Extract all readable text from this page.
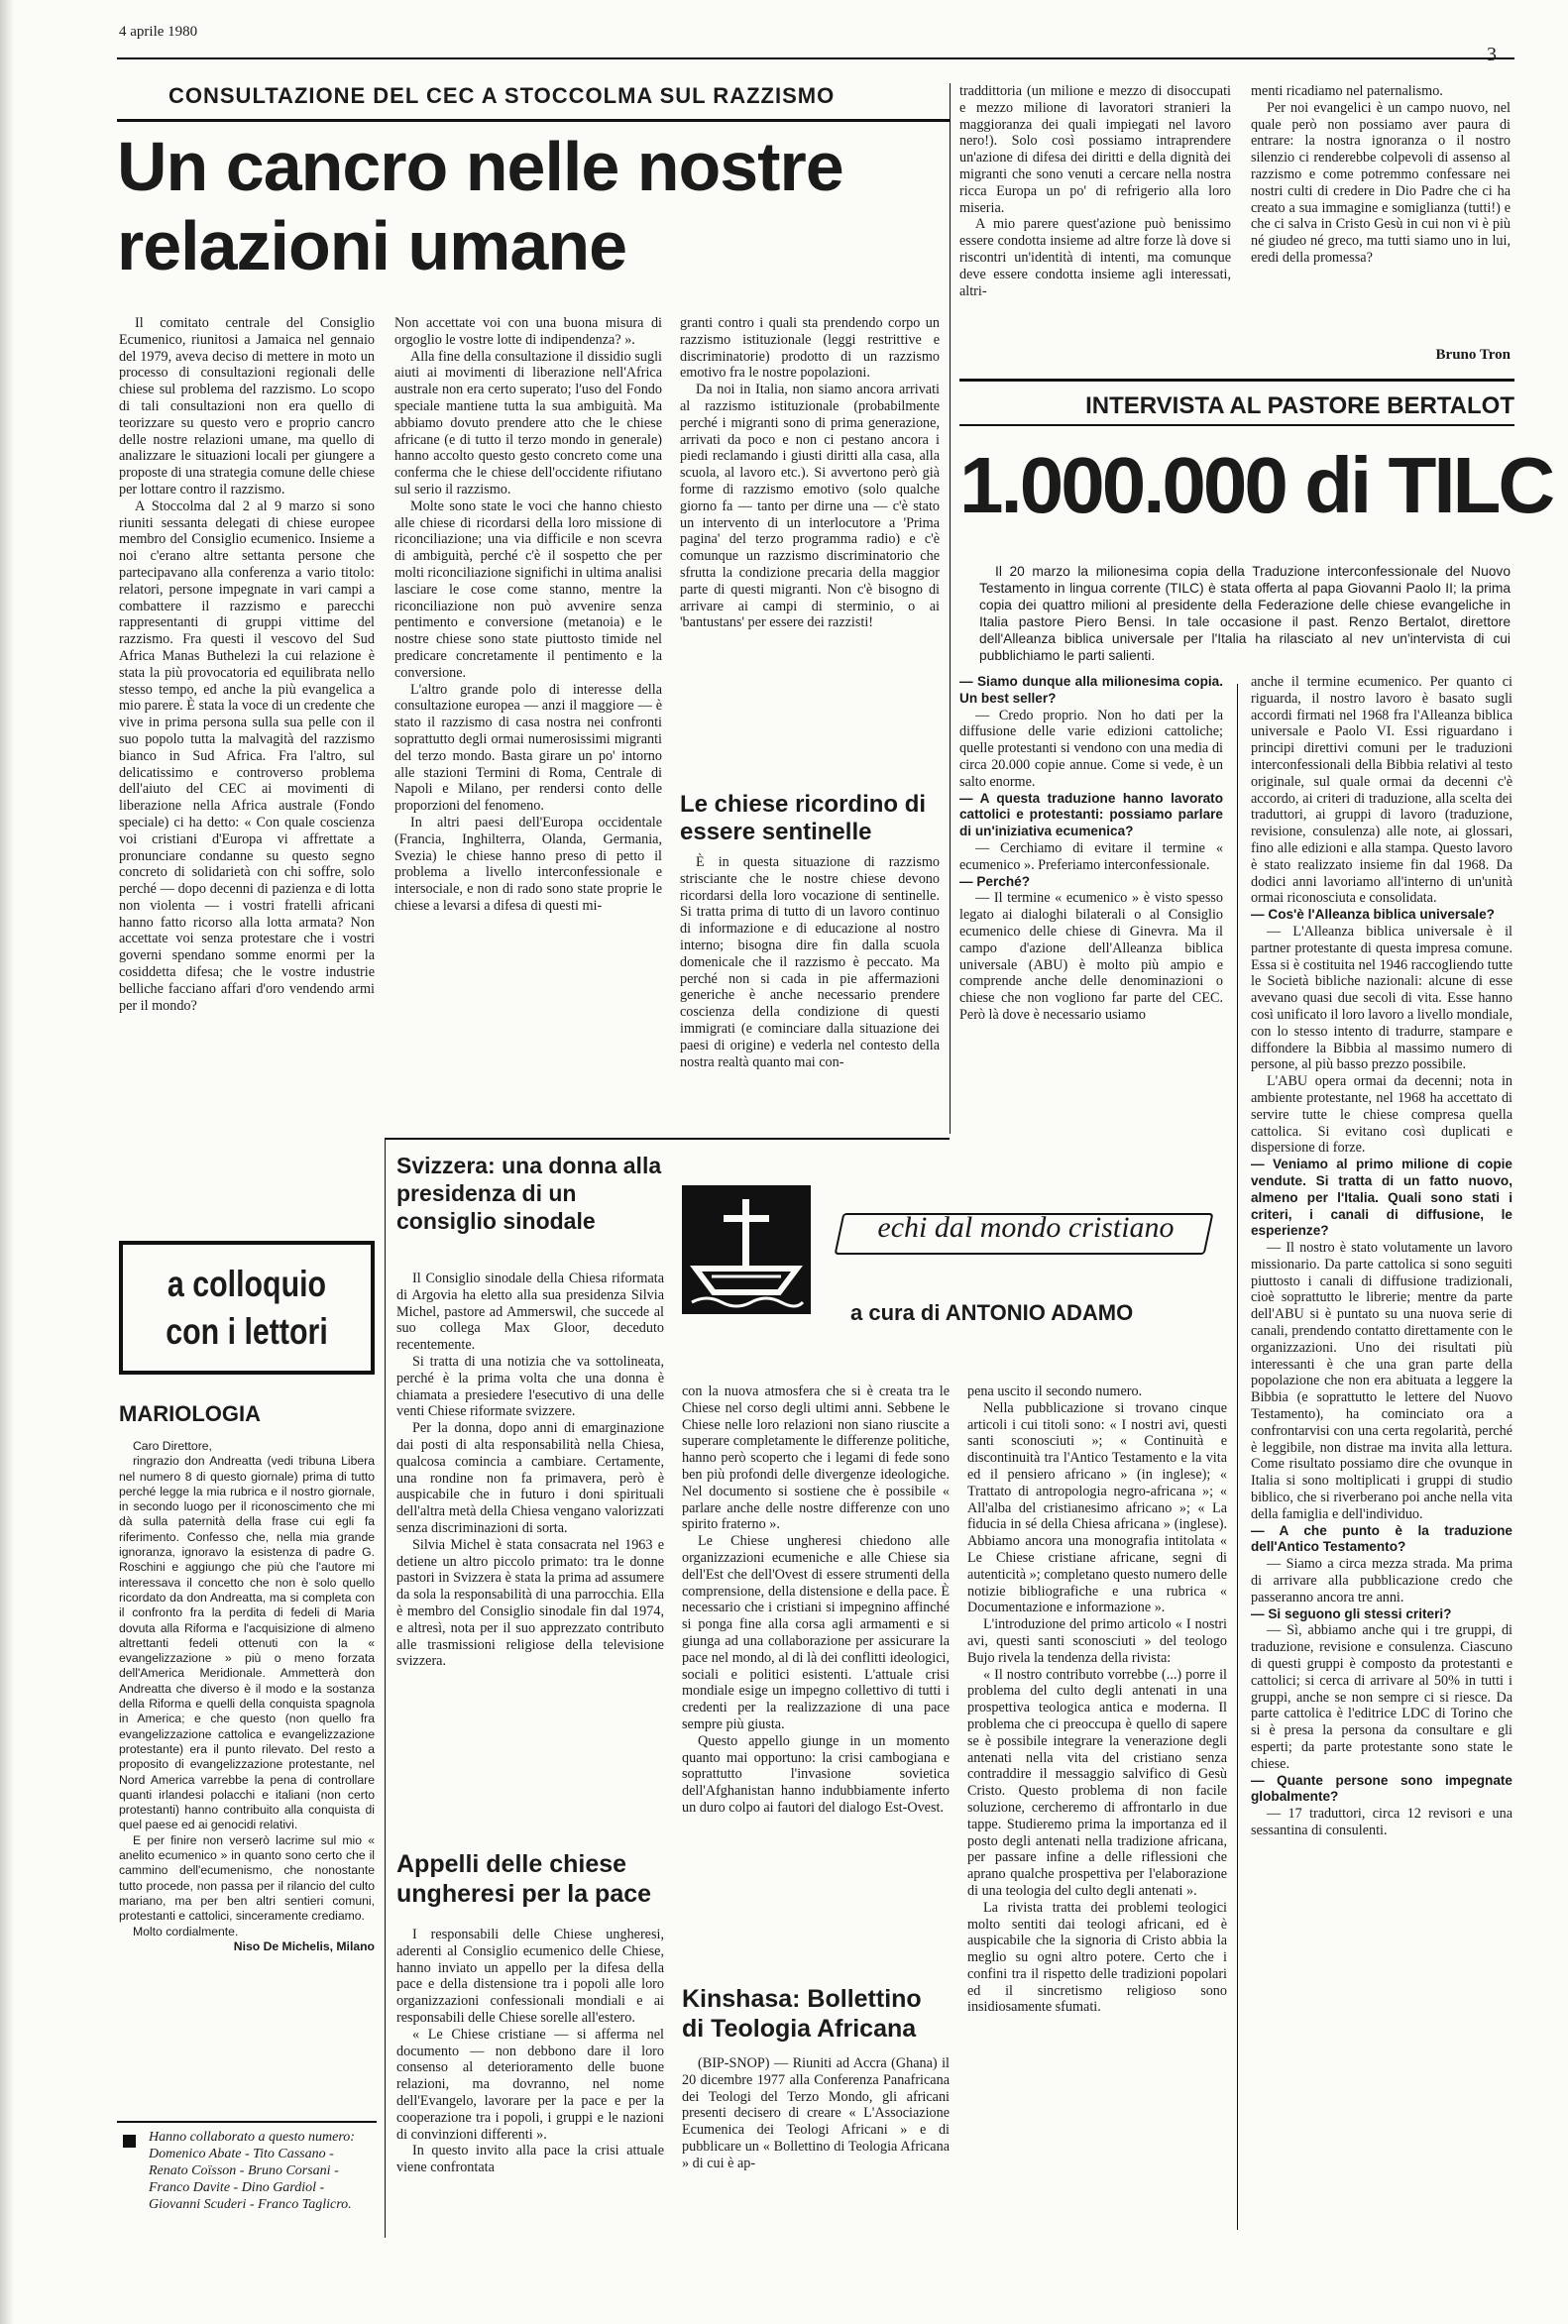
4 aprile 1980
3
CONSULTAZIONE DEL CEC A STOCCOLMA SUL RAZZISMO
Un cancro nelle nostre relazioni umane

Il comitato centrale del Consiglio Ecumenico, riunitosi a Jamaica nel gennaio del 1979, aveva deciso di mettere in moto un processo di consultazioni regionali delle chiese sul problema del razzismo. Lo scopo di tali consultazioni non era quello di teorizzare su questo vero e proprio cancro delle nostre relazioni umane, ma quello di analizzare le situazioni locali per giungere a proposte di una strategia comune delle chiese per lottare contro il razzismo.

A Stoccolma dal 2 al 9 marzo si sono riuniti sessanta delegati di chiese europee membro del Consiglio ecumenico. Insieme a noi c'erano altre settanta persone che partecipavano alla conferenza a vario titolo: relatori, persone impegnate in vari campi a combattere il razzismo e parecchi rappresentanti di gruppi vittime del razzismo. Fra questi il vescovo del Sud Africa Manas Buthelezi la cui relazione è stata la più provocatoria ed equilibrata nello stesso tempo, ed anche la più evangelica a mio parere. È stata la voce di un credente che vive in prima persona sulla sua pelle con il suo popolo tutta la malvagità del razzismo bianco in Sud Africa. Fra l'altro, sul delicatissimo e controverso problema dell'aiuto del CEC ai movimenti di liberazione nella Africa australe (Fondo speciale) ci ha detto: « Con quale coscienza voi cristiani d'Europa vi affrettate a pronunciare condanne su questo segno concreto di solidarietà con chi soffre, solo perché — dopo decenni di pazienza e di lotta non violenta — i vostri fratelli africani hanno fatto ricorso alla lotta armata? Non accettate voi senza protestare che i vostri governi spendano somme enormi per la cosiddetta difesa; che le vostre industrie belliche facciano affari d'oro vendendo armi per il mondo?

Non accettate voi con una buona misura di orgoglio le vostre lotte di indipendenza? ».

Alla fine della consultazione il dissidio sugli aiuti ai movimenti di liberazione nell'Africa australe non era certo superato; l'uso del Fondo speciale mantiene tutta la sua ambiguità. Ma abbiamo dovuto prendere atto che le chiese africane (e di tutto il terzo mondo in generale) hanno accolto questo gesto concreto come una conferma che le chiese dell'occidente rifiutano sul serio il razzismo.

Molte sono state le voci che hanno chiesto alle chiese di ricordarsi della loro missione di riconciliazione; una via difficile e non scevra di ambiguità, perché c'è il sospetto che per molti riconciliazione significhi in ultima analisi lasciare le cose come stanno, mentre la riconciliazione non può avvenire senza pentimento e conversione (metanoia) e le nostre chiese sono state piuttosto timide nel predicare concretamente il pentimento e la conversione.

L'altro grande polo di interesse della consultazione europea — anzi il maggiore — è stato il razzismo di casa nostra nei confronti soprattutto degli ormai numerosissimi migranti del terzo mondo. Basta girare un po' intorno alle stazioni Termini di Roma, Centrale di Napoli e Milano, per rendersi conto delle proporzioni del fenomeno.

In altri paesi dell'Europa occidentale (Francia, Inghilterra, Olanda, Germania, Svezia) le chiese hanno preso di petto il problema a livello interconfessionale e intersociale, e non di rado sono state proprie le chiese a levarsi a difesa di questi mi-

granti contro i quali sta prendendo corpo un razzismo istituzionale (leggi restrittive e discriminatorie) prodotto di un razzismo emotivo fra le nostre popolazioni.

Da noi in Italia, non siamo ancora arrivati al razzismo istituzionale (probabilmente perché i migranti sono di prima generazione, arrivati da poco e non ci pestano ancora i piedi reclamando i giusti diritti alla casa, alla scuola, al lavoro etc.). Si avvertono però già forme di razzismo emotivo (solo qualche giorno fa — tanto per dirne una — c'è stato un intervento di un interlocutore a 'Prima pagina' del terzo programma radio) e c'è comunque un razzismo discriminatorio che sfrutta la condizione precaria della maggior parte di questi migranti. Non c'è bisogno di arrivare ai campi di sterminio, o ai 'bantustans' per essere dei razzisti!

Le chiese ricordino di essere sentinelle

È in questa situazione di razzismo strisciante che le nostre chiese devono ricordarsi della loro vocazione di sentinelle. Si tratta prima di tutto di un lavoro continuo di informazione e di educazione al nostro interno; bisogna dire fin dalla scuola domenicale che il razzismo è peccato. Ma perché non si cada in pie affermazioni generiche è anche necessario prendere coscienza della condizione di questi immigrati (e cominciare dalla situazione dei paesi di origine) e vederla nel contesto della nostra realtà quanto mai con-

traddittoria (un milione e mezzo di disoccupati e mezzo milione di lavoratori stranieri la maggioranza dei quali impiegati nel lavoro nero!). Solo così possiamo intraprendere un'azione di difesa dei diritti e della dignità dei migranti che sono venuti a cercare nella nostra ricca Europa un po' di refrigerio alla loro miseria.

A mio parere quest'azione può benissimo essere condotta insieme ad altre forze là dove si riscontri un'identità di intenti, ma comunque deve essere condotta insieme agli interessati, altri-

menti ricadiamo nel paternalismo.

Per noi evangelici è un campo nuovo, nel quale però non possiamo aver paura di entrare: la nostra ignoranza o il nostro silenzio ci renderebbe colpevoli di assenso al razzismo e come potremmo confessare nei nostri culti di credere in Dio Padre che ci ha creato a sua immagine e somiglianza (tutti!) e che ci salva in Cristo Gesù in cui non vi è più né giudeo né greco, ma tutti siamo uno in lui, eredi della promessa?

Bruno Tron
INTERVISTA AL PASTORE BERTALOT
1.000.000 di TILC

Il 20 marzo la milionesima copia della Traduzione interconfessionale del Nuovo Testamento in lingua corrente (TILC) è stata offerta al papa Giovanni Paolo II; la prima copia dei quattro milioni al presidente della Federazione delle chiese evangeliche in Italia pastore Piero Bensi. In tale occasione il past. Renzo Bertalot, direttore dell'Alleanza biblica universale per l'Italia ha rilasciato al nev un'intervista di cui pubblichiamo le parti salienti.

— Siamo dunque alla milionesima copia. Un best seller?

— Credo proprio. Non ho dati per la diffusione delle varie edizioni cattoliche; quelle protestanti si vendono con una media di circa 20.000 copie annue. Come si vede, è un salto enorme.

— A questa traduzione hanno lavorato cattolici e protestanti: possiamo parlare di un'iniziativa ecumenica?

— Cerchiamo di evitare il termine « ecumenico ». Preferiamo interconfessionale.

— Perché?

— Il termine « ecumenico » è visto spesso legato ai dialoghi bilaterali o al Consiglio ecumenico delle chiese di Ginevra. Ma il campo d'azione dell'Alleanza biblica universale (ABU) è molto più ampio e comprende anche delle denominazioni o chiese che non vogliono far parte del CEC. Però là dove è necessario usiamo

anche il termine ecumenico. Per quanto ci riguarda, il nostro lavoro è basato sugli accordi firmati nel 1968 fra l'Alleanza biblica universale e Paolo VI. Essi riguardano i principi direttivi comuni per le traduzioni interconfessionali della Bibbia relativi al testo originale, sul quale ormai da decenni c'è accordo, ai criteri di traduzione, alla scelta dei traduttori, ai gruppi di lavoro (traduzione, revisione, consulenza) alle note, ai glossari, fino alle edizioni e alla stampa. Questo lavoro è stato realizzato insieme fin dal 1968. Da dodici anni lavoriamo all'interno di un'unità ormai riconosciuta e consolidata.

— Cos'è l'Alleanza biblica universale?

— L'Alleanza biblica universale è il partner protestante di questa impresa comune. Essa si è costituita nel 1946 raccogliendo tutte le Società bibliche nazionali: alcune di esse avevano quasi due secoli di vita. Esse hanno così unificato il loro lavoro a livello mondiale, con lo stesso intento di tradurre, stampare e diffondere la Bibbia al massimo numero di persone, al più basso prezzo possibile.

L'ABU opera ormai da decenni; nota in ambiente protestante, nel 1968 ha accettato di servire tutte le chiese compresa quella cattolica. Si evitano così duplicati e dispersione di forze.

— Veniamo al primo milione di copie vendute. Si tratta di un fatto nuovo, almeno per l'Italia. Quali sono stati i criteri, i canali di diffusione, le esperienze?

— Il nostro è stato volutamente un lavoro missionario. Da parte cattolica si sono seguiti piuttosto i canali di diffusione tradizionali, cioè soprattutto le librerie; mentre da parte dell'ABU si è puntato su una nuova serie di canali, prendendo contatto direttamente con le organizzazioni. Uno dei risultati più interessanti è che una gran parte della popolazione che non era abituata a leggere la Bibbia (e soprattutto le lettere del Nuovo Testamento), ha cominciato ora a confrontarvisi con una certa regolarità, perché è leggibile, non distrae ma invita alla lettura. Come risultato possiamo dire che ovunque in Italia si sono moltiplicati i gruppi di studio biblico, che si riverberano poi anche nella vita della famiglia e dell'individuo.

— A che punto è la traduzione dell'Antico Testamento?

— Siamo a circa mezza strada. Ma prima di arrivare alla pubblicazione credo che passeranno ancora tre anni.

— Si seguono gli stessi criteri?

— Sì, abbiamo anche qui i tre gruppi, di traduzione, revisione e consulenza. Ciascuno di questi gruppi è composto da protestanti e cattolici; si cerca di arrivare al 50% in tutti i gruppi, anche se non sempre ci si riesce. Da parte cattolica è l'editrice LDC di Torino che si è presa la persona da consultare e gli esperti; da parte protestante sono state le chiese.

— Quante persone sono impegnate globalmente?

— 17 traduttori, circa 12 revisori e una sessantina di consulenti.

a colloquio con i lettori
MARIOLOGIA

Caro Direttore,

ringrazio don Andreatta (vedi tribuna Libera nel numero 8 di questo giornale) prima di tutto perché legge la mia rubrica e il nostro giornale, in secondo luogo per il riconoscimento che mi dà sulla paternità della frase cui egli fa riferimento. Confesso che, nella mia grande ignoranza, ignoravo la esistenza di padre G. Roschini e aggiungo che più che l'autore mi interessava il concetto che non è solo quello ricordato da don Andreatta, ma si completa con il confronto fra la perdita di fedeli di Maria dovuta alla Riforma e l'acquisizione di almeno altrettanti fedeli ottenuti con la « evangelizzazione » più o meno forzata dell'America Meridionale. Ammetterà don Andreatta che diverso è il modo e la sostanza della Riforma e quelli della conquista spagnola in America; e che questo (non quello fra evangelizzazione cattolica e evangelizzazione protestante) era il punto rilevato. Del resto a proposito di evangelizzazione protestante, nel Nord America varrebbe la pena di controllare quanti irlandesi polacchi e italiani (non certo protestanti) hanno contribuito alla conquista di quel paese ed ai genocidi relativi.

E per finire non verserò lacrime sul mio « anelito ecumenico » in quanto sono certo che il cammino dell'ecumenismo, che nonostante tutto procede, non passa per il rilancio del culto mariano, ma per ben altri sentieri comuni, protestanti e cattolici, sinceramente crediamo.

Molto cordialmente.

Niso De Michelis, Milano

Hanno collaborato a questo numero: Domenico Abate - Tito Cassano - Renato Coïsson - Bruno Corsani - Franco Davite - Dino Gardiol - Giovanni Scuderi - Franco Taglicro.
Svizzera: una donna alla presidenza di un consiglio sinodale

Il Consiglio sinodale della Chiesa riformata di Argovia ha eletto alla sua presidenza Silvia Michel, pastore ad Ammerswil, che succede al suo collega Max Gloor, deceduto recentemente.

Si tratta di una notizia che va sottolineata, perché è la prima volta che una donna è chiamata a presiedere l'esecutivo di una delle venti Chiese riformate svizzere.

Per la donna, dopo anni di emarginazione dai posti di alta responsabilità nella Chiesa, qualcosa comincia a cambiare. Certamente, una rondine non fa primavera, però è auspicabile che in futuro i doni spirituali dell'altra metà della Chiesa vengano valorizzati senza discriminazioni di sorta.

Silvia Michel è stata consacrata nel 1963 e detiene un altro piccolo primato: tra le donne pastori in Svizzera è stata la prima ad assumere da sola la responsabilità di una parrocchia. Ella è membro del Consiglio sinodale fin dal 1974, e altresì, nota per il suo apprezzato contributo alle trasmissioni religiose della televisione svizzera.

echi dal mondo cristiano
a cura di ANTONIO ADAMO
Appelli delle chiese ungheresi per la pace

I responsabili delle Chiese ungheresi, aderenti al Consiglio ecumenico delle Chiese, hanno inviato un appello per la difesa della pace e della distensione tra i popoli alle loro organizzazioni confessionali mondiali e ai responsabili delle Chiese sorelle all'estero.

« Le Chiese cristiane — si afferma nel documento — non debbono dare il loro consenso al deterioramento delle buone relazioni, ma dovranno, nel nome dell'Evangelo, lavorare per la pace e per la cooperazione tra i popoli, i gruppi e le nazioni di convinzioni differenti ».

In questo invito alla pace la crisi attuale viene confrontata

con la nuova atmosfera che si è creata tra le Chiese nel corso degli ultimi anni. Sebbene le Chiese nelle loro relazioni non siano riuscite a superare completamente le differenze politiche, hanno però scoperto che i legami di fede sono ben più profondi delle divergenze ideologiche. Nel documento si sostiene che è possibile « parlare anche delle nostre differenze con uno spirito fraterno ».

Le Chiese ungheresi chiedono alle organizzazioni ecumeniche e alle Chiese sia dell'Est che dell'Ovest di essere strumenti della comprensione, della distensione e della pace. È necessario che i cristiani si impegnino affinché si ponga fine alla corsa agli armamenti e si giunga ad una collaborazione per assicurare la pace nel mondo, al di là dei conflitti ideologici, sociali e politici esistenti. L'attuale crisi mondiale esige un impegno collettivo di tutti i credenti per la realizzazione di una pace sempre più giusta.

Questo appello giunge in un momento quanto mai opportuno: la crisi cambogiana e soprattutto l'invasione sovietica dell'Afghanistan hanno indubbiamente inferto un duro colpo ai fautori del dialogo Est-Ovest.

Kinshasa: Bollettino di Teologia Africana

(BIP-SNOP) — Riuniti ad Accra (Ghana) il 20 dicembre 1977 alla Conferenza Panafricana dei Teologi del Terzo Mondo, gli africani presenti decisero di creare « L'Associazione Ecumenica dei Teologi Africani » e di pubblicare un « Bollettino di Teologia Africana » di cui è ap-

pena uscito il secondo numero.

Nella pubblicazione si trovano cinque articoli i cui titoli sono: « I nostri avi, questi santi sconosciuti »; « Continuità e discontinuità tra l'Antico Testamento e la vita ed il pensiero africano » (in inglese); « Trattato di antropologia negro-africana »; « All'alba del cristianesimo africano »; « La fiducia in sé della Chiesa africana » (inglese). Abbiamo ancora una monografia intitolata « Le Chiese cristiane africane, segni di autenticità »; completano questo numero delle notizie bibliografiche e una rubrica « Documentazione e informazione ».

L'introduzione del primo articolo « I nostri avi, questi santi sconosciuti » del teologo Bujo rivela la tendenza della rivista:

« Il nostro contributo vorrebbe (...) porre il problema del culto degli antenati in una prospettiva teologica antica e moderna. Il problema che ci preoccupa è quello di sapere se è possibile integrare la venerazione degli antenati nella vita del cristiano senza contraddire il messaggio salvifico di Gesù Cristo. Questo problema di non facile soluzione, cercheremo di affrontarlo in due tappe. Studieremo prima la importanza ed il posto degli antenati nella tradizione africana, per passare infine a delle riflessioni che aprano qualche prospettiva per l'elaborazione di una teologia del culto degli antenati ».

La rivista tratta dei problemi teologici molto sentiti dai teologi africani, ed è auspicabile che la signoria di Cristo abbia la meglio su ogni altro potere. Certo che i confini tra il rispetto delle tradizioni popolari ed il sincretismo religioso sono insidiosamente sfumati.
